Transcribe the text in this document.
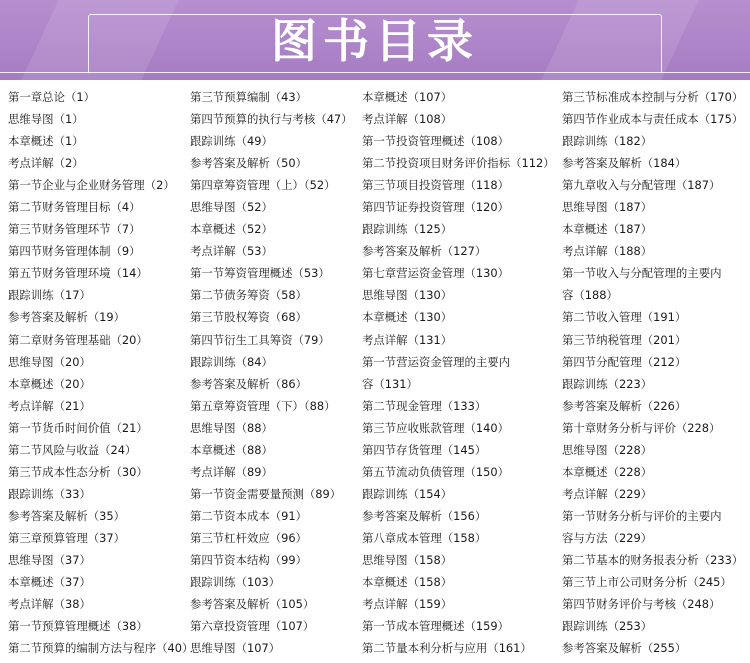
图书目录
第一章总论（1）
思维导图（1）
本章概述（1）
考点详解（2）
第一节企业与企业财务管理（2）
第二节财务管理目标（4）
第三节财务管理环节（7）
第四节财务管理体制（9）
第五节财务管理环境（14）
跟踪训练（17）
参考答案及解析（19）
第二章财务管理基础（20）
思维导图（20）
本章概述（20）
考点详解（21）
第一节货币时间价值（21）
第二节风险与收益（24）
第三节成本性态分析（30）
跟踪训练（33）
参考答案及解析（35）
第三章预算管理（37）
思维导图（37）
本章概述（37）
考点详解（38）
第一节预算管理概述（38）
第二节预算的编制方法与程序（40）
第三节预算编制（43）
第四节预算的执行与考核（47）
跟踪训练（49）
参考答案及解析（50）
第四章筹资管理（上）（52）
思维导图（52）
本章概述（52）
考点详解（53）
第一节筹资管理概述（53）
第二节债务筹资（58）
第三节股权筹资（68）
第四节衍生工具筹资（79）
跟踪训练（84）
参考答案及解析（86）
第五章筹资管理（下）（88）
思维导图（88）
本章概述（88）
考点详解（89）
第一节资金需要量预测（89）
第二节资本成本（91）
第三节杠杆效应（96）
第四节资本结构（99）
跟踪训练（103）
参考答案及解析（105）
第六章投资管理（107）
思维导图（107）
本章概述（107）
考点详解（108）
第一节投资管理概述（108）
第二节投资项目财务评价指标（112）
第三节项目投资管理（118）
第四节证券投资管理（120）
跟踪训练（125）
参考答案及解析（127）
第七章营运资金管理（130）
思维导图（130）
本章概述（130）
考点详解（131）
第一节营运资金管理的主要内
容（131）
第二节现金管理（133）
第三节应收账款管理（140）
第四节存货管理（145）
第五节流动负债管理（150）
跟踪训练（154）
参考答案及解析（156）
第八章成本管理（158）
思维导图（158）
本章概述（158）
考点详解（159）
第一节成本管理概述（159）
第二节量本利分析与应用（161）
第三节标准成本控制与分析（170）
第四节作业成本与责任成本（175）
跟踪训练（182）
参考答案及解析（184）
第九章收入与分配管理（187）
思维导图（187）
本章概述（187）
考点详解（188）
第一节收入与分配管理的主要内
容（188）
第二节收入管理（191）
第三节纳税管理（201）
第四节分配管理（212）
跟踪训练（223）
参考答案及解析（226）
第十章财务分析与评价（228）
思维导图（228）
本章概述（228）
考点详解（229）
第一节财务分析与评价的主要内
容与方法（229）
第二节基本的财务报表分析（233）
第三节上市公司财务分析（245）
第四节财务评价与考核（248）
跟踪训练（253）
参考答案及解析（255）
